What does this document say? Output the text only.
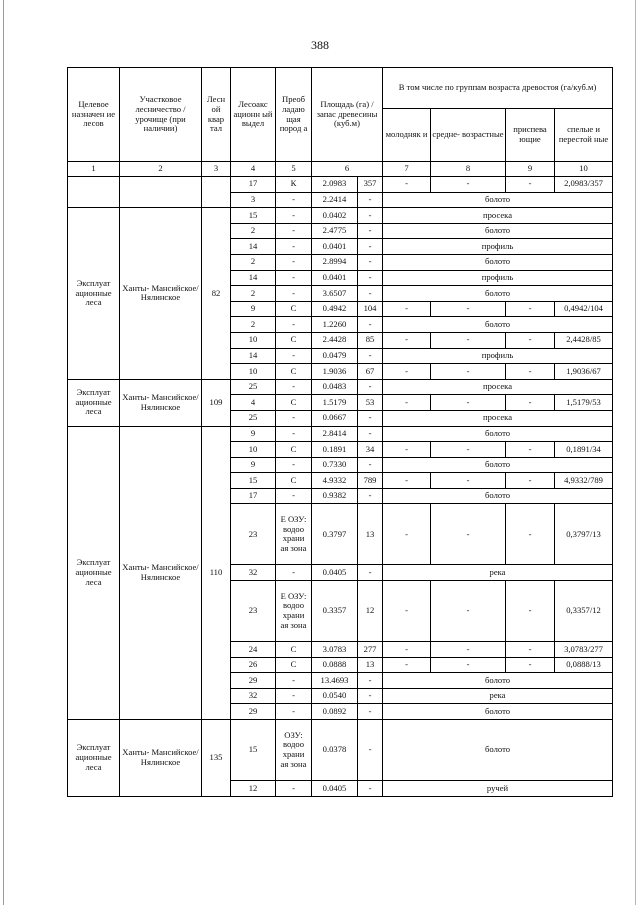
388
Целевое назначен ие лесов	Участковое лесничество /урочище (при наличии)	Лесн ой квар тал	Лесоакс ационн ый выдел	Преоб ладаю щая пород а	Площадь (га) /запас древесины (куб.м)		В том числе по группам возраста древостоя (га/куб.м)			
							молодняк и	средне- возрастные	приспева ющие	спелые и перестой ные
1	2	3	4	5	6		7	8	9	10
			17	К	2.0983	357	-	-	-	2,0983/357
			3	-	2.2414	-	болото			
Эксплуат ационные леса	Ханты- Мансийское/ Нялинское	82	15	-	0.0402	-	просека			
			2	-	2.4775	-	болото			
			14	-	0.0401	-	профиль			
			2	-	2.8994	-	болото			
			14	-	0.0401	-	профиль			
			2	-	3.6507	-	болото			
			9	С	0.4942	104	-	-	-	0,4942/104
			2	-	1.2260	-	болото			
			10	С	2.4428	85	-	-	-	2,4428/85
			14	-	0.0479	-	профиль			
			10	С	1.9036	67	-	-	-	1,9036/67
Эксплуат ационные леса	Ханты- Мансийское/ Нялинское	109	25	-	0.0483	-	просека			
			4	С	1.5179	53	-	-	-	1,5179/53
			25	-	0.0667	-	просека			
Эксплуат ационные леса	Ханты- Мансийское/ Нялинское	110	9	-	2.8414	-	болото			
			10	С	0.1891	34	-	-	-	0,1891/34
			9	-	0.7330	-	болото			
			15	С	4.9332	789	-	-	-	4,9332/789
			17	-	0.9382	-	болото			
			23	Е ОЗУ: водоо храни ая зона	0.3797	13	-	-	-	0,3797/13
			32	-	0.0405	-	река			
			23	Е ОЗУ: водоо храни ая зона	0.3357	12	-	-	-	0,3357/12
			24	С	3.0783	277	-	-	-	3,0783/277
			26	С	0.0888	13	-	-	-	0,0888/13
			29	-	13.4693	-	болото			
			32	-	0.0540	-	река			
			29	-	0.0892	-	болото			
Эксплуат ационные леса	Ханты- Мансийское/ Нялинское	135	15	ОЗУ: водоо храни ая зона	0.0378	-	болото			
			12	-	0.0405	-	ручей			
